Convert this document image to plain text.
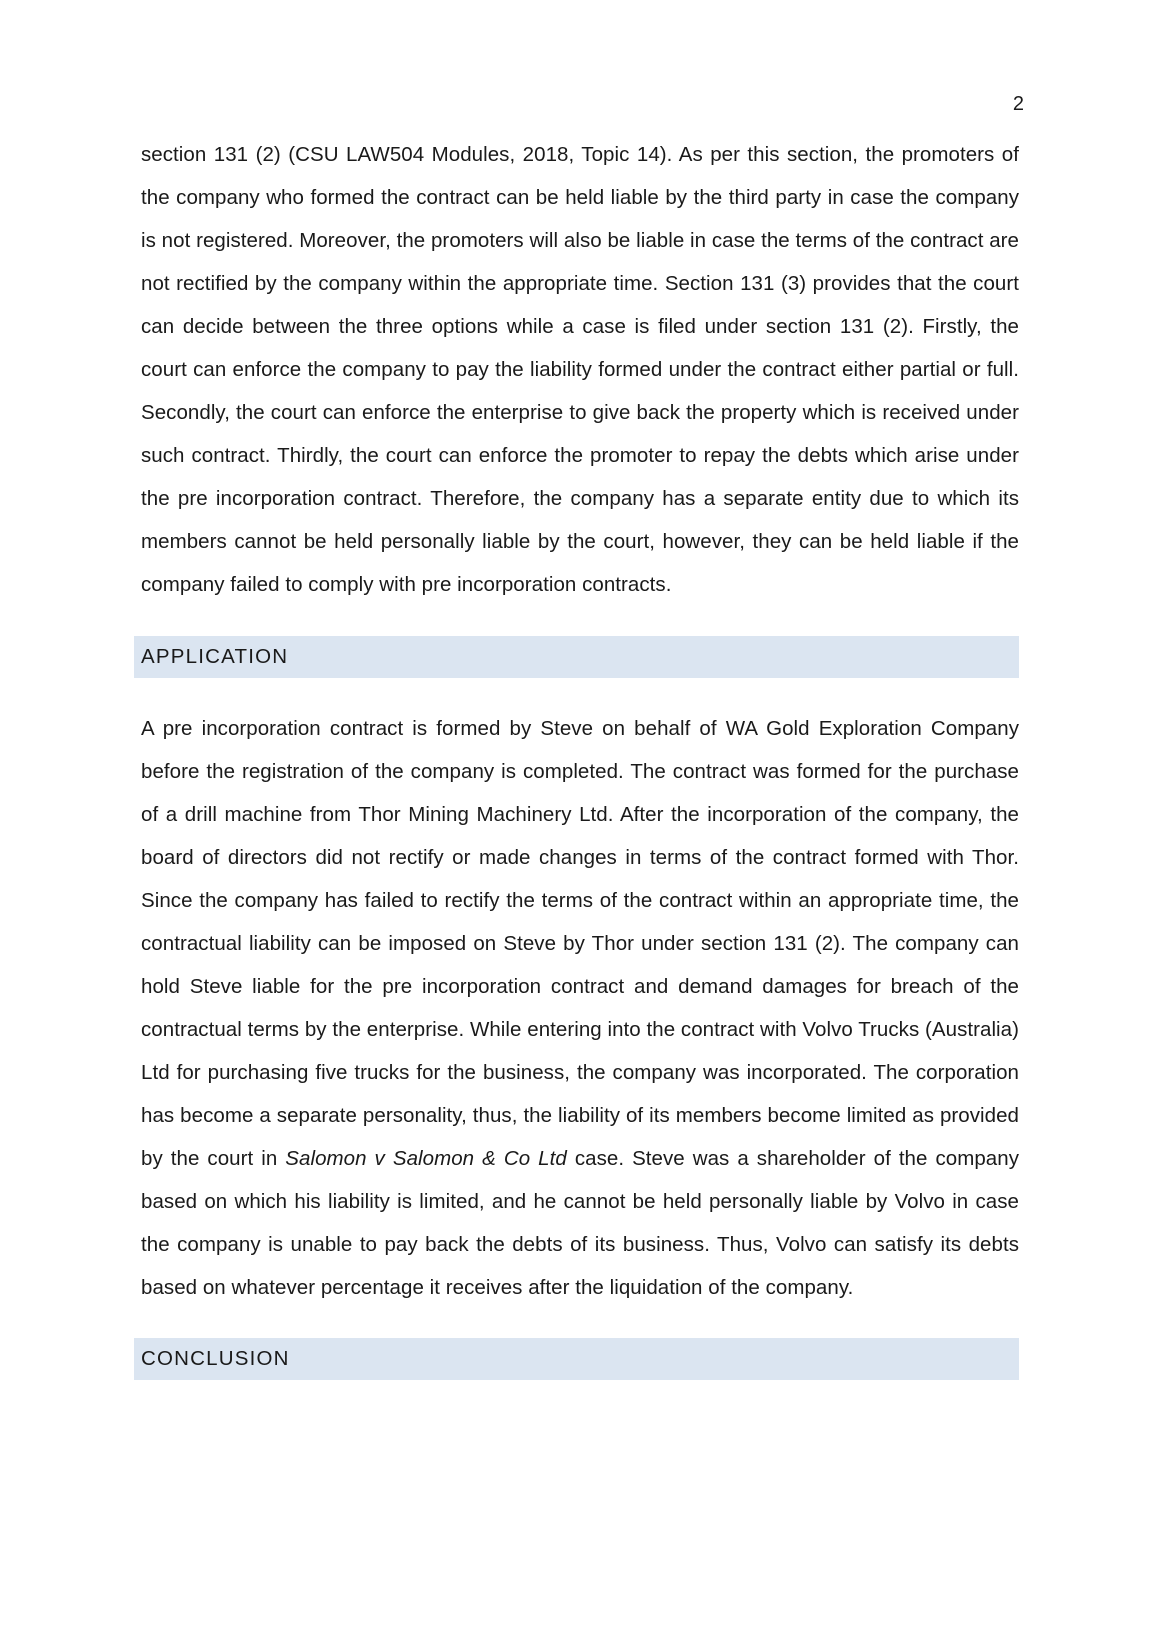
2

section 131 (2) (CSU LAW504 Modules, 2018, Topic 14). As per this section, the promoters of the company who formed the contract can be held liable by the third party in case the company is not registered. Moreover, the promoters will also be liable in case the terms of the contract are not rectified by the company within the appropriate time. Section 131 (3) provides that the court can decide between the three options while a case is filed under section 131 (2). Firstly, the court can enforce the company to pay the liability formed under the contract either partial or full. Secondly, the court can enforce the enterprise to give back the property which is received under such contract. Thirdly, the court can enforce the promoter to repay the debts which arise under the pre incorporation contract. Therefore, the company has a separate entity due to which its members cannot be held personally liable by the court, however, they can be held liable if the company failed to comply with pre incorporation contracts.

APPLICATION

A pre incorporation contract is formed by Steve on behalf of WA Gold Exploration Company before the registration of the company is completed. The contract was formed for the purchase of a drill machine from Thor Mining Machinery Ltd. After the incorporation of the company, the board of directors did not rectify or made changes in terms of the contract formed with Thor. Since the company has failed to rectify the terms of the contract within an appropriate time, the contractual liability can be imposed on Steve by Thor under section 131 (2). The company can hold Steve liable for the pre incorporation contract and demand damages for breach of the contractual terms by the enterprise. While entering into the contract with Volvo Trucks (Australia) Ltd for purchasing five trucks for the business, the company was incorporated. The corporation has become a separate personality, thus, the liability of its members become limited as provided by the court in Salomon v Salomon & Co Ltd case. Steve was a shareholder of the company based on which his liability is limited, and he cannot be held personally liable by Volvo in case the company is unable to pay back the debts of its business. Thus, Volvo can satisfy its debts based on whatever percentage it receives after the liquidation of the company.

CONCLUSION
